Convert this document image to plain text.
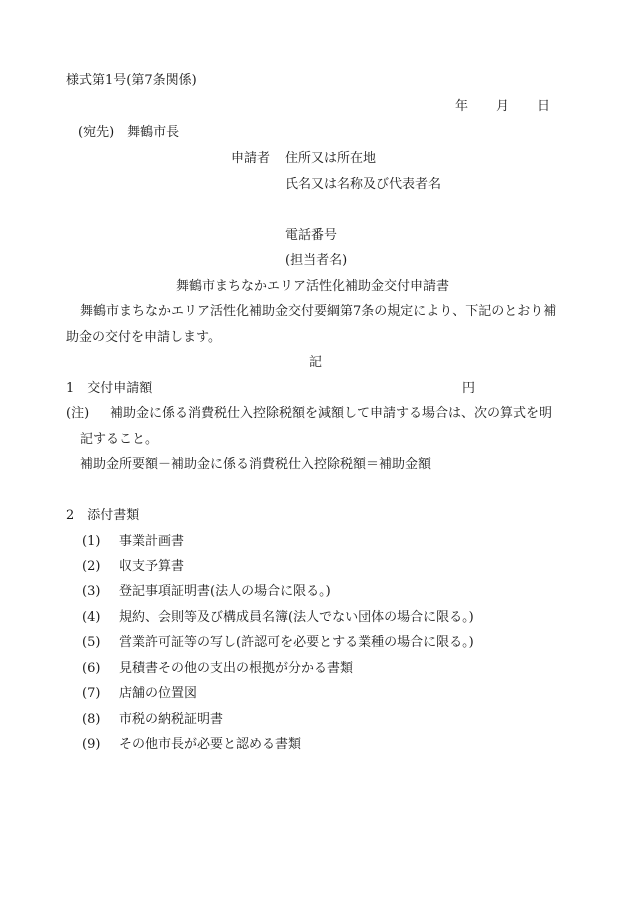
様式第1号(第7条関係)
年 月 日
(宛先)　舞鶴市長
申請者 住所又は所在地
氏名又は名称及び代表者名
電話番号
(担当者名)
舞鶴市まちなかエリア活性化補助金交付申請書
舞鶴市まちなかエリア活性化補助金交付要綱第7条の規定により、下記のとおり補
助金の交付を申請します。
記
1　交付申請額	円
(注) 補助金に係る消費税仕入控除税額を減額して申請する場合は、次の算式を明
記すること。
補助金所要額－補助金に係る消費税仕入控除税額＝補助金額
2　添付書類
(1) 事業計画書
(2) 収支予算書
(3) 登記事項証明書(法人の場合に限る。)
(4) 規約、会則等及び構成員名簿(法人でない団体の場合に限る。)
(5) 営業許可証等の写し(許認可を必要とする業種の場合に限る。)
(6) 見積書その他の支出の根拠が分かる書類
(7) 店舗の位置図
(8) 市税の納税証明書
(9) その他市長が必要と認める書類
